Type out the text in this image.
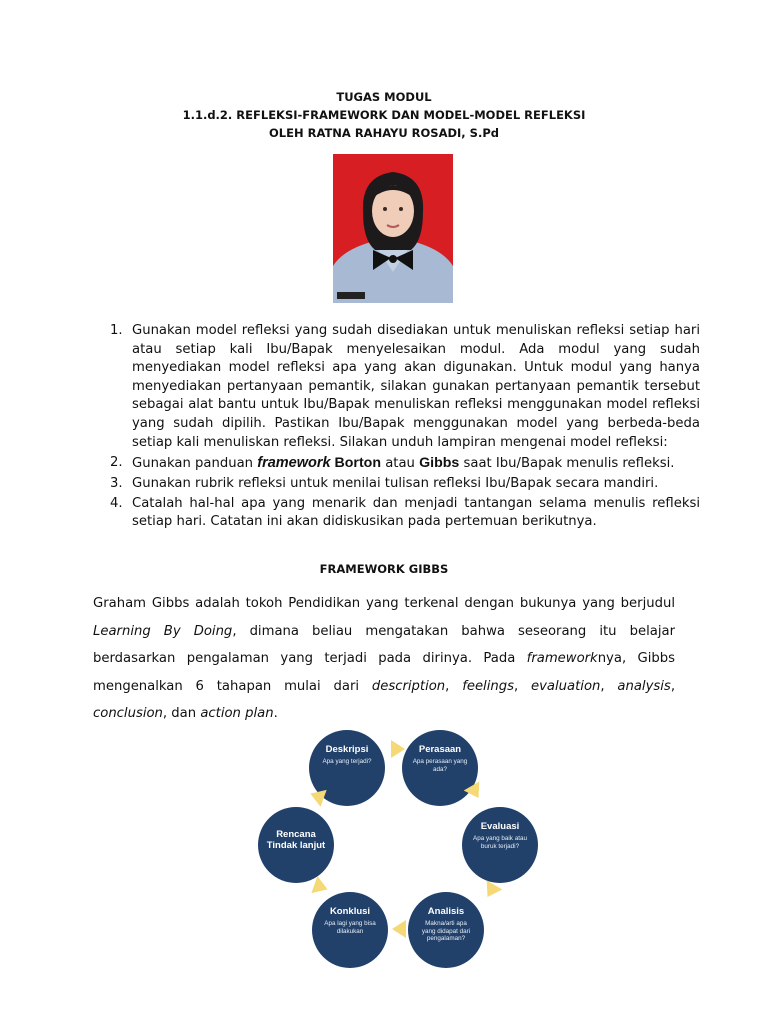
TUGAS MODUL
1.1.d.2. REFLEKSI-FRAMEWORK DAN MODEL-MODEL REFLEKSI
OLEH RATNA RAHAYU ROSADI, S.Pd
1. Gunakan model refleksi yang sudah disediakan untuk menuliskan refleksi setiap hari atau setiap kali Ibu/Bapak menyelesaikan modul. Ada modul yang sudah menyediakan model refleksi apa yang akan digunakan. Untuk modul yang hanya menyediakan pertanyaan pemantik, silakan gunakan pertanyaan pemantik tersebut sebagai alat bantu untuk Ibu/Bapak menuliskan refleksi menggunakan model refleksi yang sudah dipilih. Pastikan Ibu/Bapak menggunakan model yang berbeda-beda setiap kali menuliskan refleksi. Silakan unduh lampiran mengenai model refleksi:
2. Gunakan panduan framework Borton atau Gibbs saat Ibu/Bapak menulis refleksi.
3. Gunakan rubrik refleksi untuk menilai tulisan refleksi Ibu/Bapak secara mandiri.
4. Catalah hal-hal apa yang menarik dan menjadi tantangan selama menulis refleksi setiap hari. Catatan ini akan didiskusikan pada pertemuan berikutnya.
FRAMEWORK GIBBS
Graham Gibbs adalah tokoh Pendidikan yang terkenal dengan bukunya yang berjudul Learning By Doing, dimana beliau mengatakan bahwa seseorang itu belajar berdasarkan pengalaman yang terjadi pada dirinya. Pada frameworknya, Gibbs mengenalkan 6 tahapan mulai dari description, feelings, evaluation, analysis, conclusion, dan action plan.
Deskripsi
Apa yang terjadi?
Perasaan
Apa perasaan yang ada?
Evaluasi
Apa yang baik atau buruk terjadi?
Analisis
Makna/arti apa yang didapat dari pengalaman?
Konklusi
Apa lagi yang bisa dilakukan
Rencana Tindak lanjut
